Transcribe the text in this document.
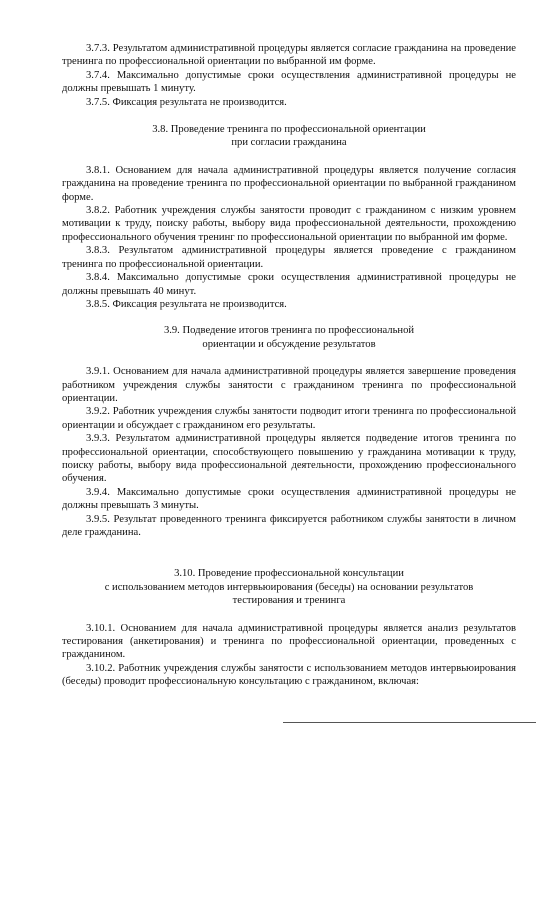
3.7.3. Результатом административной процедуры является согласие гражданина на проведение тренинга по профессиональной ориентации по выбранной им форме.

3.7.4. Максимально допустимые сроки осуществления административной процедуры не должны превышать 1 минуту.

3.7.5. Фиксация результата не производится.

3.8. Проведение тренинга по профессиональной ориентации

при согласии гражданина

3.8.1. Основанием для начала административной процедуры является получение согласия гражданина на проведение тренинга по профессиональной ориентации по выбранной гражданином форме.

3.8.2. Работник учреждения службы занятости проводит с гражданином с низким уровнем мотивации к труду, поиску работы, выбору вида профессиональной деятельности, прохождению профессионального обучения тренинг по профессиональной ориентации по выбранной им форме.

3.8.3. Результатом административной процедуры является проведение с гражданином тренинга по профессиональной ориентации.

3.8.4. Максимально допустимые сроки осуществления административной процедуры не должны превышать 40 минут.

3.8.5. Фиксация результата не производится.

3.9. Подведение итогов тренинга по профессиональной

ориентации и обсуждение результатов

3.9.1. Основанием для начала административной процедуры является завершение проведения работником учреждения службы занятости с гражданином тренинга по профессиональной ориентации.

3.9.2. Работник учреждения службы занятости подводит итоги тренинга по профессиональной ориентации и обсуждает с гражданином его результаты.

3.9.3. Результатом административной процедуры является подведение итогов тренинга по профессиональной ориентации, способствующего повышению у гражданина мотивации к труду, поиску работы, выбору вида профессиональной деятельности, прохождению профессионального обучения.

3.9.4. Максимально допустимые сроки осуществления административной процедуры не должны превышать 3 минуты.

3.9.5. Результат проведенного тренинга фиксируется работником службы занятости в личном деле гражданина.

3.10. Проведение профессиональной консультации

с использованием методов интервьюирования (беседы) на основании результатов

тестирования и тренинга

3.10.1. Основанием для начала административной процедуры является анализ результатов тестирования (анкетирования) и тренинга по профессиональной ориентации, проведенных с гражданином.

3.10.2. Работник учреждения службы занятости с использованием методов интервьюирования (беседы) проводит профессиональную консультацию с гражданином, включая:
